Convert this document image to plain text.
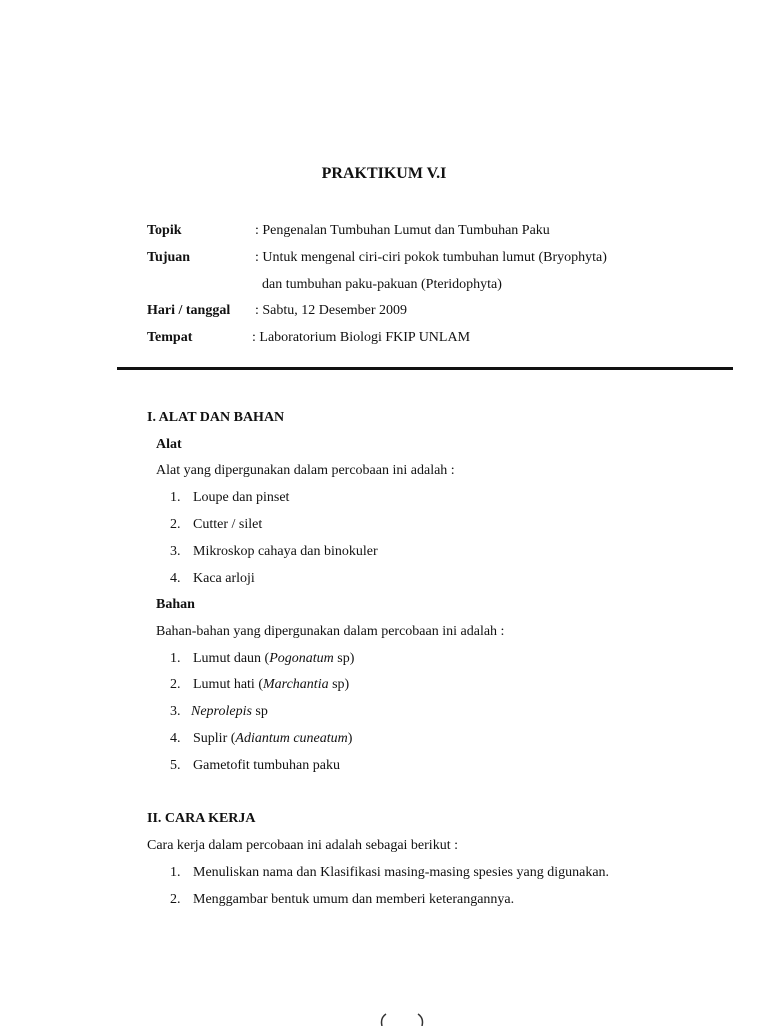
PRAKTIKUM V.I
Topik	: Pengenalan Tumbuhan Lumut dan Tumbuhan Paku
Tujuan	: Untuk mengenal ciri-ciri pokok tumbuhan lumut (Bryophyta)
dan tumbuhan paku-pakuan (Pteridophyta)
Hari / tanggal : Sabtu, 12 Desember 2009
Tempat	: Laboratorium Biologi FKIP UNLAM
I. ALAT DAN BAHAN
Alat
Alat yang dipergunakan dalam percobaan ini adalah :
1. Loupe dan pinset
2. Cutter / silet
3. Mikroskop cahaya dan binokuler
4. Kaca arloji
Bahan
Bahan-bahan yang dipergunakan dalam percobaan ini adalah :
1. Lumut daun (Pogonatum sp)
2. Lumut hati (Marchantia sp)
3. Neprolepis sp
4. Suplir (Adiantum cuneatum)
5. Gametofit tumbuhan paku
II. CARA KERJA
Cara kerja dalam percobaan ini adalah sebagai berikut :
1. Menuliskan nama dan Klasifikasi masing-masing spesies yang digunakan.
2. Menggambar bentuk umum dan memberi keterangannya.
